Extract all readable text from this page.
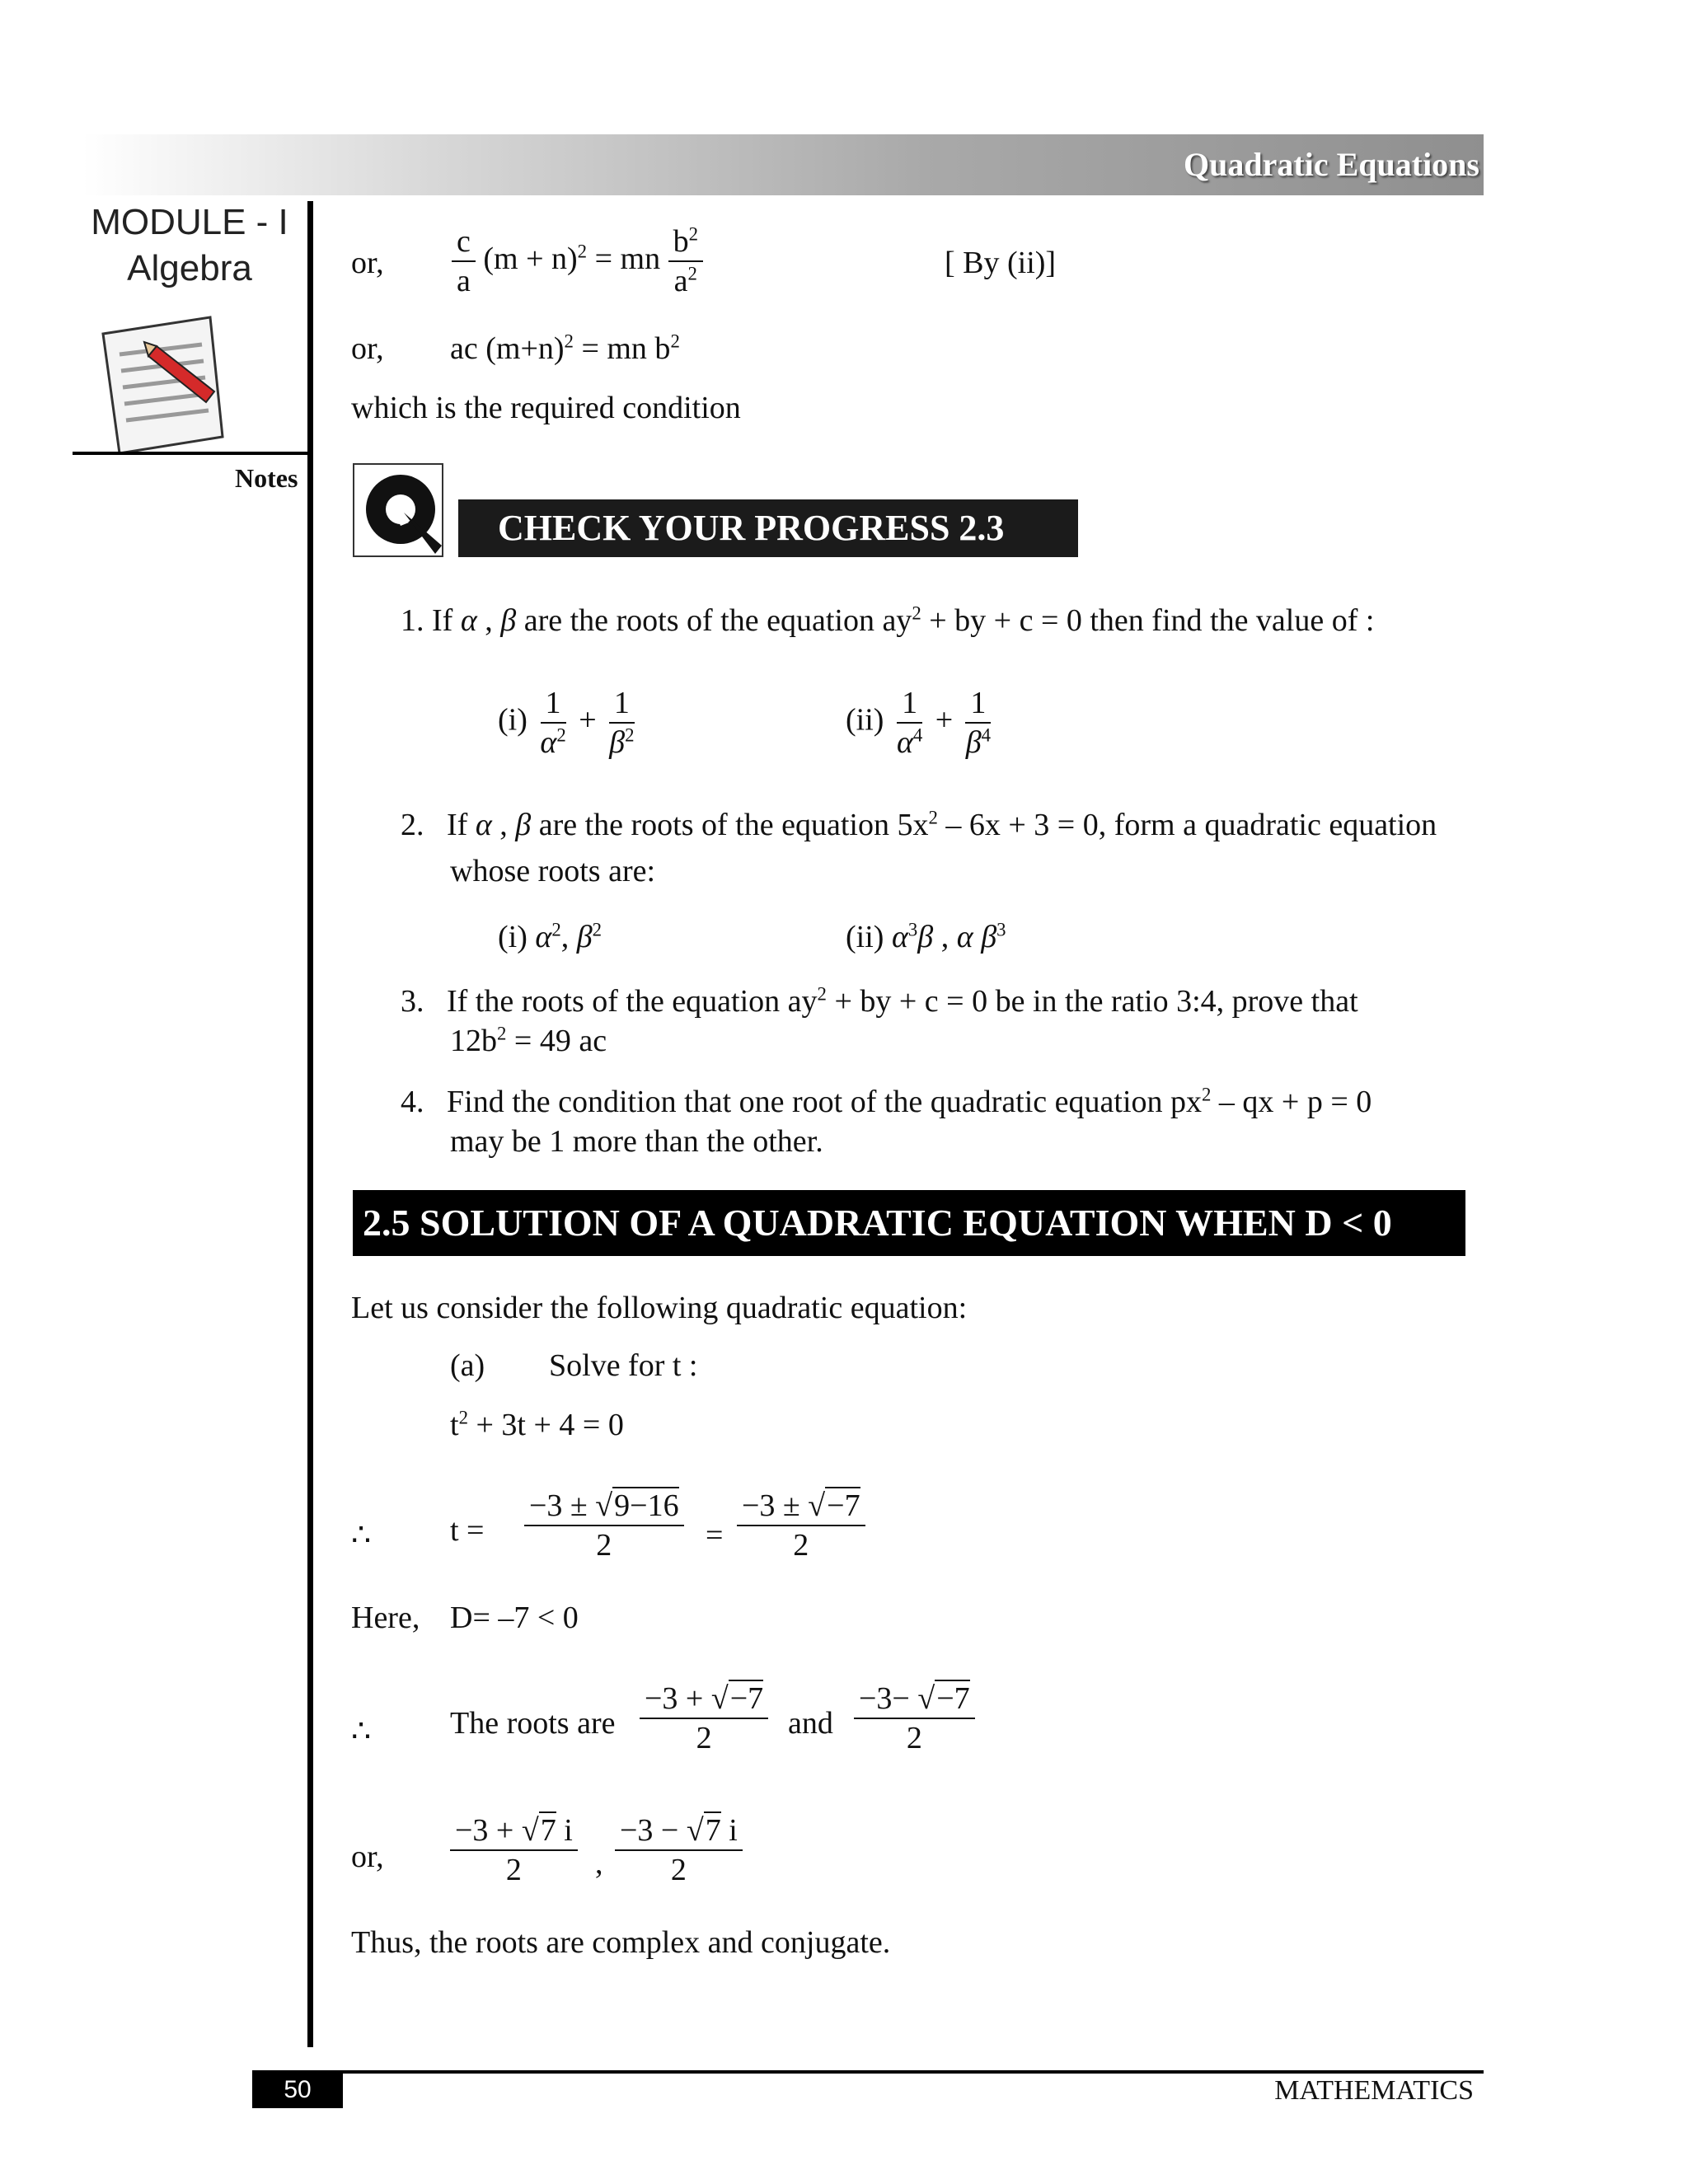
Quadratic Equations
MODULE - I
Algebra
Notes
or, $\frac{c}{a} (m + n)^2$ = mn $\frac{b^2}{a^2}$	[ By (ii)]
or, ac $(m+n)^2$ = mn $b^2$
which is the required condition
CHECK YOUR PROGRESS 2.3
1. If α , β are the roots of the equation $ay^2$ + by + c = 0 then find the value of :
$(i) \frac{1}{\alpha^2} + \frac{1}{\beta^2}$	$(ii) \frac{1}{\alpha^4} + \frac{1}{\beta^4}$
2. If α , β are the roots of the equation $5x^2 - 6x + 3 = 0$, form a quadratic equation
whose roots are:
(i) $\alpha^2$, $\beta^2$	(ii) $\alpha^3\beta$ , α $\beta^3$
3. If the roots of the equation $ay^2$ + by + c = 0 be in the ratio 3:4, prove that
$12b^2 = 49$ ac
4. Find the condition that one root of the quadratic equation $px^2$ – qx + p = 0
may be 1 more than the other.
2.5 SOLUTION OF A QUADRATIC EQUATION WHEN D < 0
Let us consider the following quadratic equation:
(a) Solve for t :
$t^2 + 3t + 4 = 0$
∴	$t = \frac{-3 \pm √9-16}{2} = \frac{-3 \pm √-7}{2}$
Here, D= –7 < 0
∴	The roots are $\frac{-3 + √-7}{2}$ and $\frac{-3- √-7}{2}$
or, $\frac{-3 + √7 i}{2}$ , $\frac{-3 - √7 i}{2}$
Thus, the roots are complex and conjugate.
50	MATHEMATICS
